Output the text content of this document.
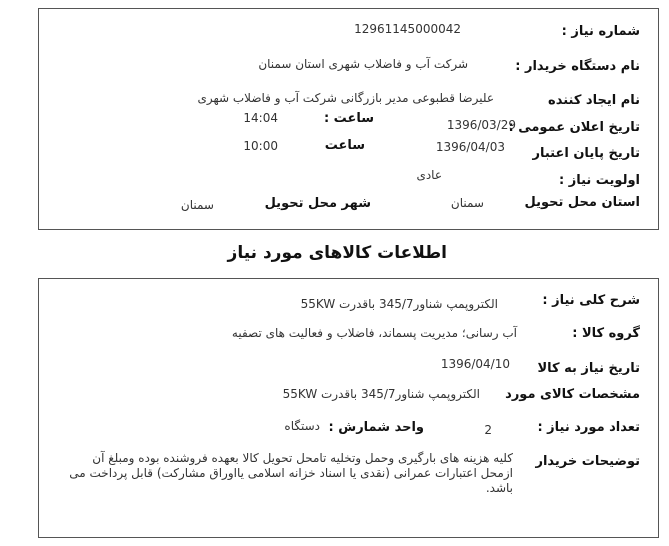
شماره نیاز :
12961145000042
نام دستگاه خریدار :
شرکت آب و فاضلاب شهری استان سمنان
نام ایجاد کننده
علیرضا قطبوعی مدیر بازرگانی شرکت آب و فاضلاب شهری
تاریخ اعلان عمومی :
1396/03/29
ساعت :
14:04
تاریخ پایان اعتبار
1396/04/03
ساعت
10:00
اولویت نیاز :
عادی
استان محل تحویل
سمنان
شهر محل تحویل
سمنان
اطلاعات کالاهای مورد نیاز
شرح کلی نیاز :
الکتروپمپ شناور345/7 باقدرت 55KW
گروه کالا :
آب رسانی؛ مدیریت پسماند، فاضلاب و فعالیت های تصفیه
تاریخ نیاز به کالا
1396/04/10
مشخصات کالای مورد
الکتروپمپ شناور345/7 باقدرت 55KW
تعداد مورد نیاز :
2
واحد شمارش :
دستگاه
توضیحات خریدار
کلیه هزینه های بارگیری وحمل وتخلیه تامحل تحویل کالا بعهده فروشنده بوده ومبلغ آن ازمحل اعتبارات عمرانی (نقدی یا اسناد خزانه اسلامی یااوراق مشارکت) قابل پرداخت می باشد.
